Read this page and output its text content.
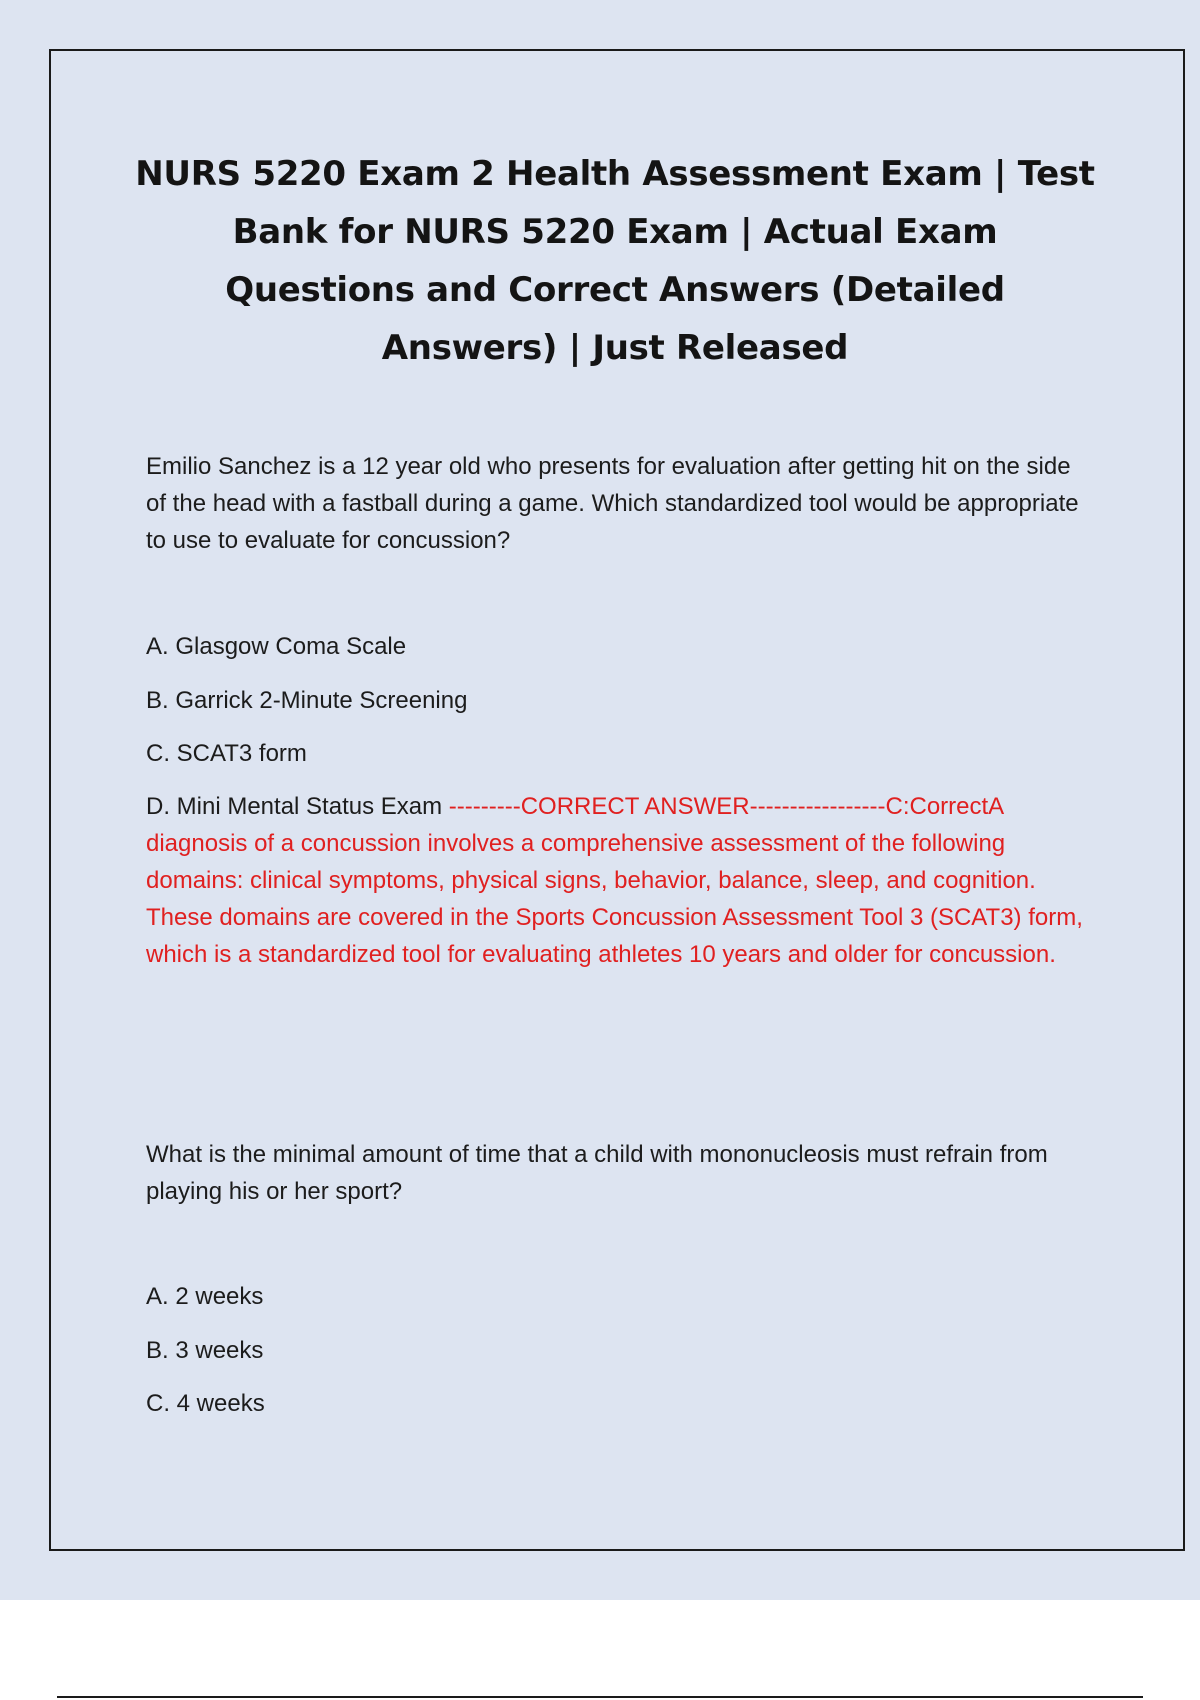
NURS 5220 Exam 2 Health Assessment Exam | Test Bank for NURS 5220 Exam | Actual Exam Questions and Correct Answers (Detailed Answers) | Just Released

Emilio Sanchez is a 12 year old who presents for evaluation after getting hit on the side of the head with a fastball during a game. Which standardized tool would be appropriate to use to evaluate for concussion?

A. Glasgow Coma Scale

B. Garrick 2-Minute Screening

C. SCAT3 form

D. Mini Mental Status Exam ---------CORRECT ANSWER-----------------C:CorrectA diagnosis of a concussion involves a comprehensive assessment of the following domains: clinical symptoms, physical signs, behavior, balance, sleep, and cognition. These domains are covered in the Sports Concussion Assessment Tool 3 (SCAT3) form, which is a standardized tool for evaluating athletes 10 years and older for concussion.

What is the minimal amount of time that a child with mononucleosis must refrain from playing his or her sport?

A. 2 weeks

B. 3 weeks

C. 4 weeks
